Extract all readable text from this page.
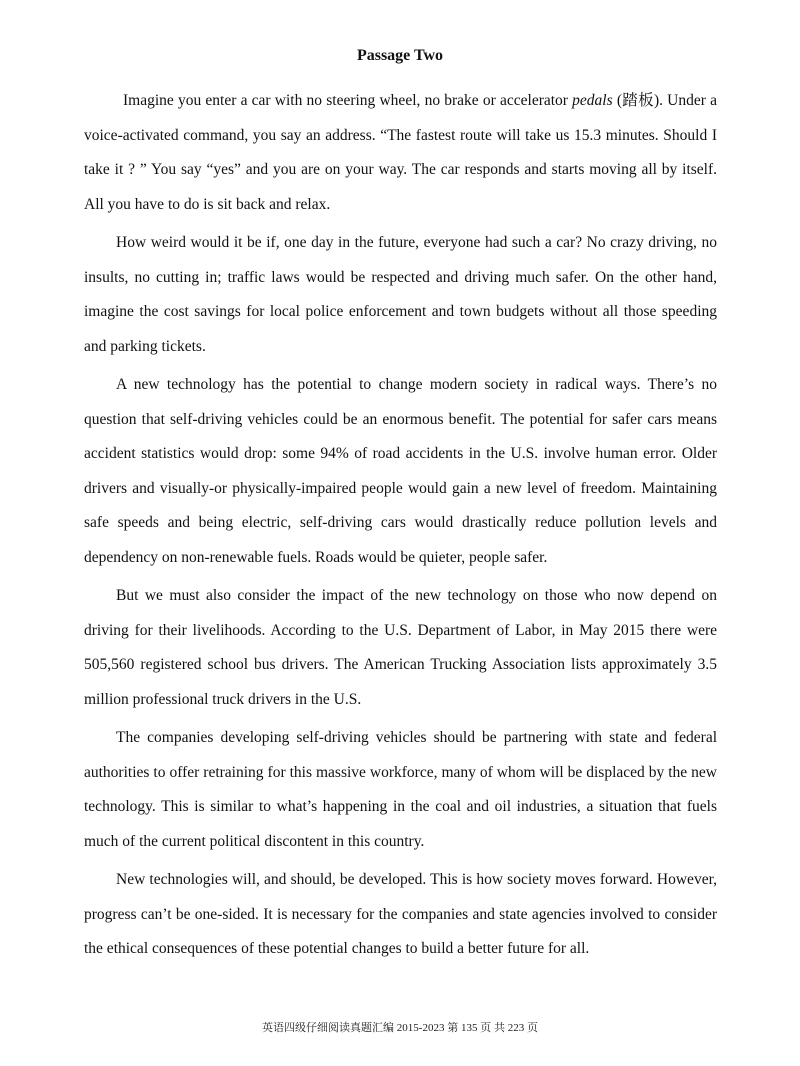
Passage Two

Imagine you enter a car with no steering wheel, no brake or accelerator pedals (踏板). Under a voice-activated command, you say an address. “The fastest route will take us 15.3 minutes. Should I take it ? ” You say “yes” and you are on your way. The car responds and starts moving all by itself. All you have to do is sit back and relax.

How weird would it be if, one day in the future, everyone had such a car? No crazy driving, no insults, no cutting in; traffic laws would be respected and driving much safer. On the other hand, imagine the cost savings for local police enforcement and town budgets without all those speeding and parking tickets.

A new technology has the potential to change modern society in radical ways. There’s no question that self-driving vehicles could be an enormous benefit. The potential for safer cars means accident statistics would drop: some 94% of road accidents in the U.S. involve human error. Older drivers and visually-or physically-impaired people would gain a new level of freedom. Maintaining safe speeds and being electric, self-driving cars would drastically reduce pollution levels and dependency on non-renewable fuels. Roads would be quieter, people safer.

But we must also consider the impact of the new technology on those who now depend on driving for their livelihoods. According to the U.S. Department of Labor, in May 2015 there were 505,560 registered school bus drivers. The American Trucking Association lists approximately 3.5 million professional truck drivers in the U.S.

The companies developing self-driving vehicles should be partnering with state and federal authorities to offer retraining for this massive workforce, many of whom will be displaced by the new technology. This is similar to what’s happening in the coal and oil industries, a situation that fuels much of the current political discontent in this country.

New technologies will, and should, be developed. This is how society moves forward. However, progress can’t be one-sided. It is necessary for the companies and state agencies involved to consider the ethical consequences of these potential changes to build a better future for all.

英语四级仔细阅读真题汇编 2015-2023 第 135 页 共 223 页
